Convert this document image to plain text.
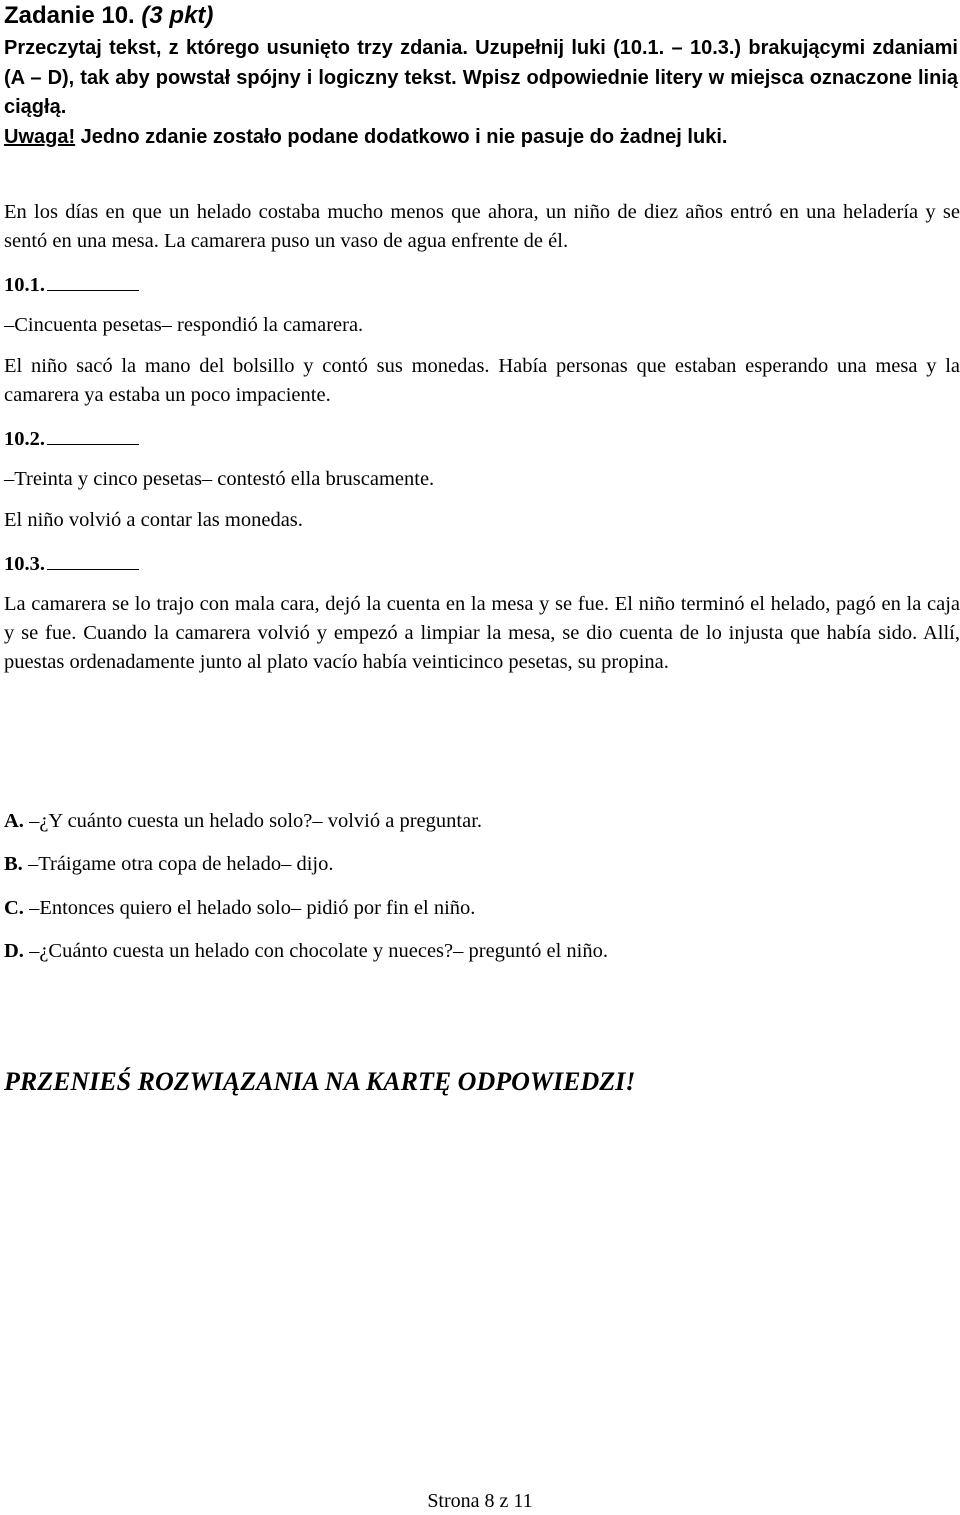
Zadanie 10. (3 pkt)

Przeczytaj tekst, z którego usunięto trzy zdania. Uzupełnij luki (10.1. – 10.3.) brakującymi zdaniami (A – D), tak aby powstał spójny i logiczny tekst. Wpisz odpowiednie litery w miejsca oznaczone linią ciągłą.

Uwaga! Jedno zdanie zostało podane dodatkowo i nie pasuje do żadnej luki.

En los días en que un helado costaba mucho menos que ahora, un niño de diez años entró en una heladería y se sentó en una mesa. La camarera puso un vaso de agua enfrente de él.

10.1.

–Cincuenta pesetas– respondió la camarera.

El niño sacó la mano del bolsillo y contó sus monedas. Había personas que estaban esperando una mesa y la camarera ya estaba un poco impaciente.

10.2.

–Treinta y cinco pesetas– contestó ella bruscamente.

El niño volvió a contar las monedas.

10.3.

La camarera se lo trajo con mala cara, dejó la cuenta en la mesa y se fue. El niño terminó el helado, pagó en la caja y se fue. Cuando la camarera volvió y empezó a limpiar la mesa, se dio cuenta de lo injusta que había sido. Allí, puestas ordenadamente junto al plato vacío había veinticinco pesetas, su propina.

A. –¿Y cuánto cuesta un helado solo?– volvió a preguntar.
B. –Tráigame otra copa de helado– dijo.
C. –Entonces quiero el helado solo– pidió por fin el niño.
D. –¿Cuánto cuesta un helado con chocolate y nueces?– preguntó el niño.
PRZENIEŚ ROZWIĄZANIA NA KARTĘ ODPOWIEDZI!
Strona 8 z 11
